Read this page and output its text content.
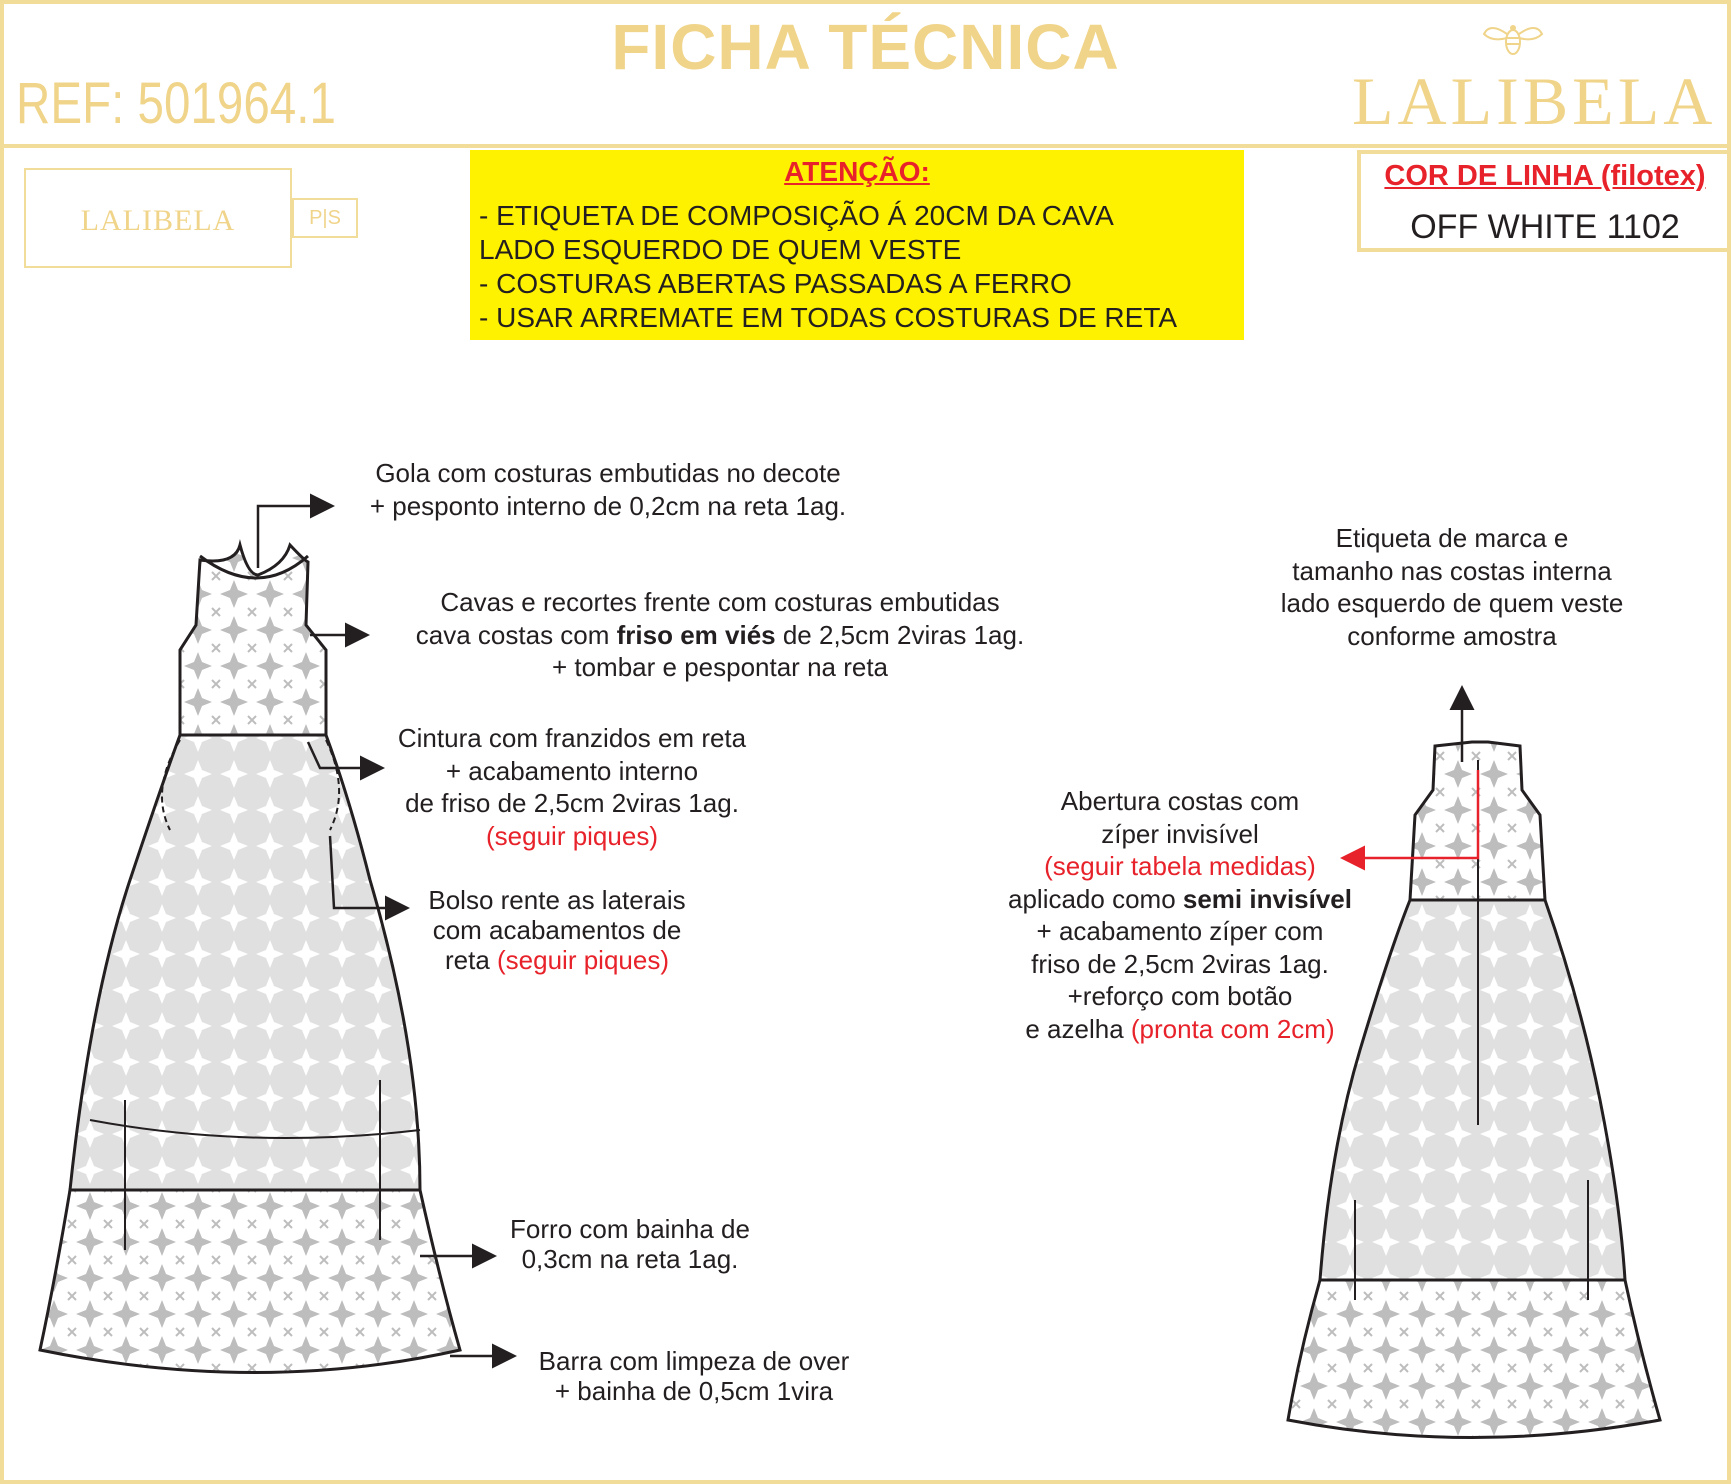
FICHA TÉCNICA
REF: 501964.1	LALIBELA
LALIBELA	P|S
ATENÇÃO:
- ETIQUETA DE COMPOSIÇÃO Á 20CM DA CAVA
LADO ESQUERDO DE QUEM VESTE
- COSTURAS ABERTAS PASSADAS A FERRO
- USAR ARREMATE EM TODAS COSTURAS DE RETA
COR DE LINHA (filotex)
OFF WHITE 1102
Gola com costuras embutidas no decote
+ pesponto interno de 0,2cm na reta 1ag.
Cavas e recortes frente com costuras embutidas
cava costas com friso em viés de 2,5cm 2viras 1ag.
+ tombar e pespontar na reta
Cintura com franzidos em reta
+ acabamento interno
de friso de 2,5cm 2viras 1ag.
(seguir piques)
Bolso rente as laterais
com acabamentos de
reta (seguir piques)
Forro com bainha de
0,3cm na reta 1ag.
Barra com limpeza de over
+ bainha de 0,5cm 1vira
Etiqueta de marca e
tamanho nas costas interna
lado esquerdo de quem veste
conforme amostra
Abertura costas com
zíper invisível
(seguir tabela medidas)
aplicado como semi invisível
+ acabamento zíper com
friso de 2,5cm 2viras 1ag.
+reforço com botão
e azelha (pronta com 2cm)
